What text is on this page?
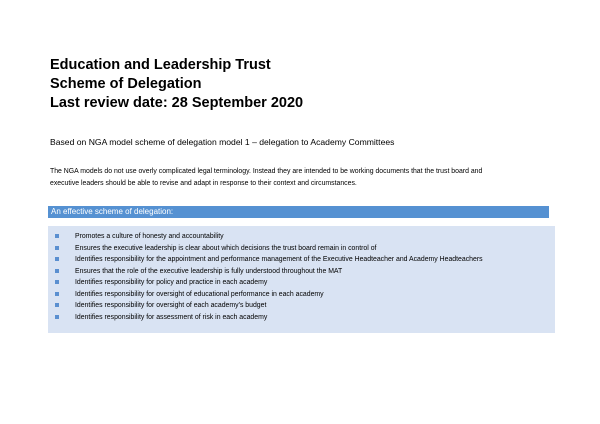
Education and Leadership Trust
Scheme of Delegation
Last review date: 28 September 2020
Based on NGA model scheme of delegation model 1 – delegation to Academy Committees
The NGA models do not use overly complicated legal terminology. Instead they are intended to be working documents that the trust board and
executive leaders should be able to revise and adapt in response to their context and circumstances.
An effective scheme of delegation:
Promotes a culture of honesty and accountability
Ensures the executive leadership is clear about which decisions the trust board remain in control of
Identifies responsibility for the appointment and performance management of the Executive Headteacher and Academy Headteachers
Ensures that the role of the executive leadership is fully understood throughout the MAT
Identifies responsibility for policy and practice in each academy
Identifies responsibility for oversight of educational performance in each academy
Identifies responsibility for oversight of each academy’s budget
Identifies responsibility for assessment of risk in each academy
